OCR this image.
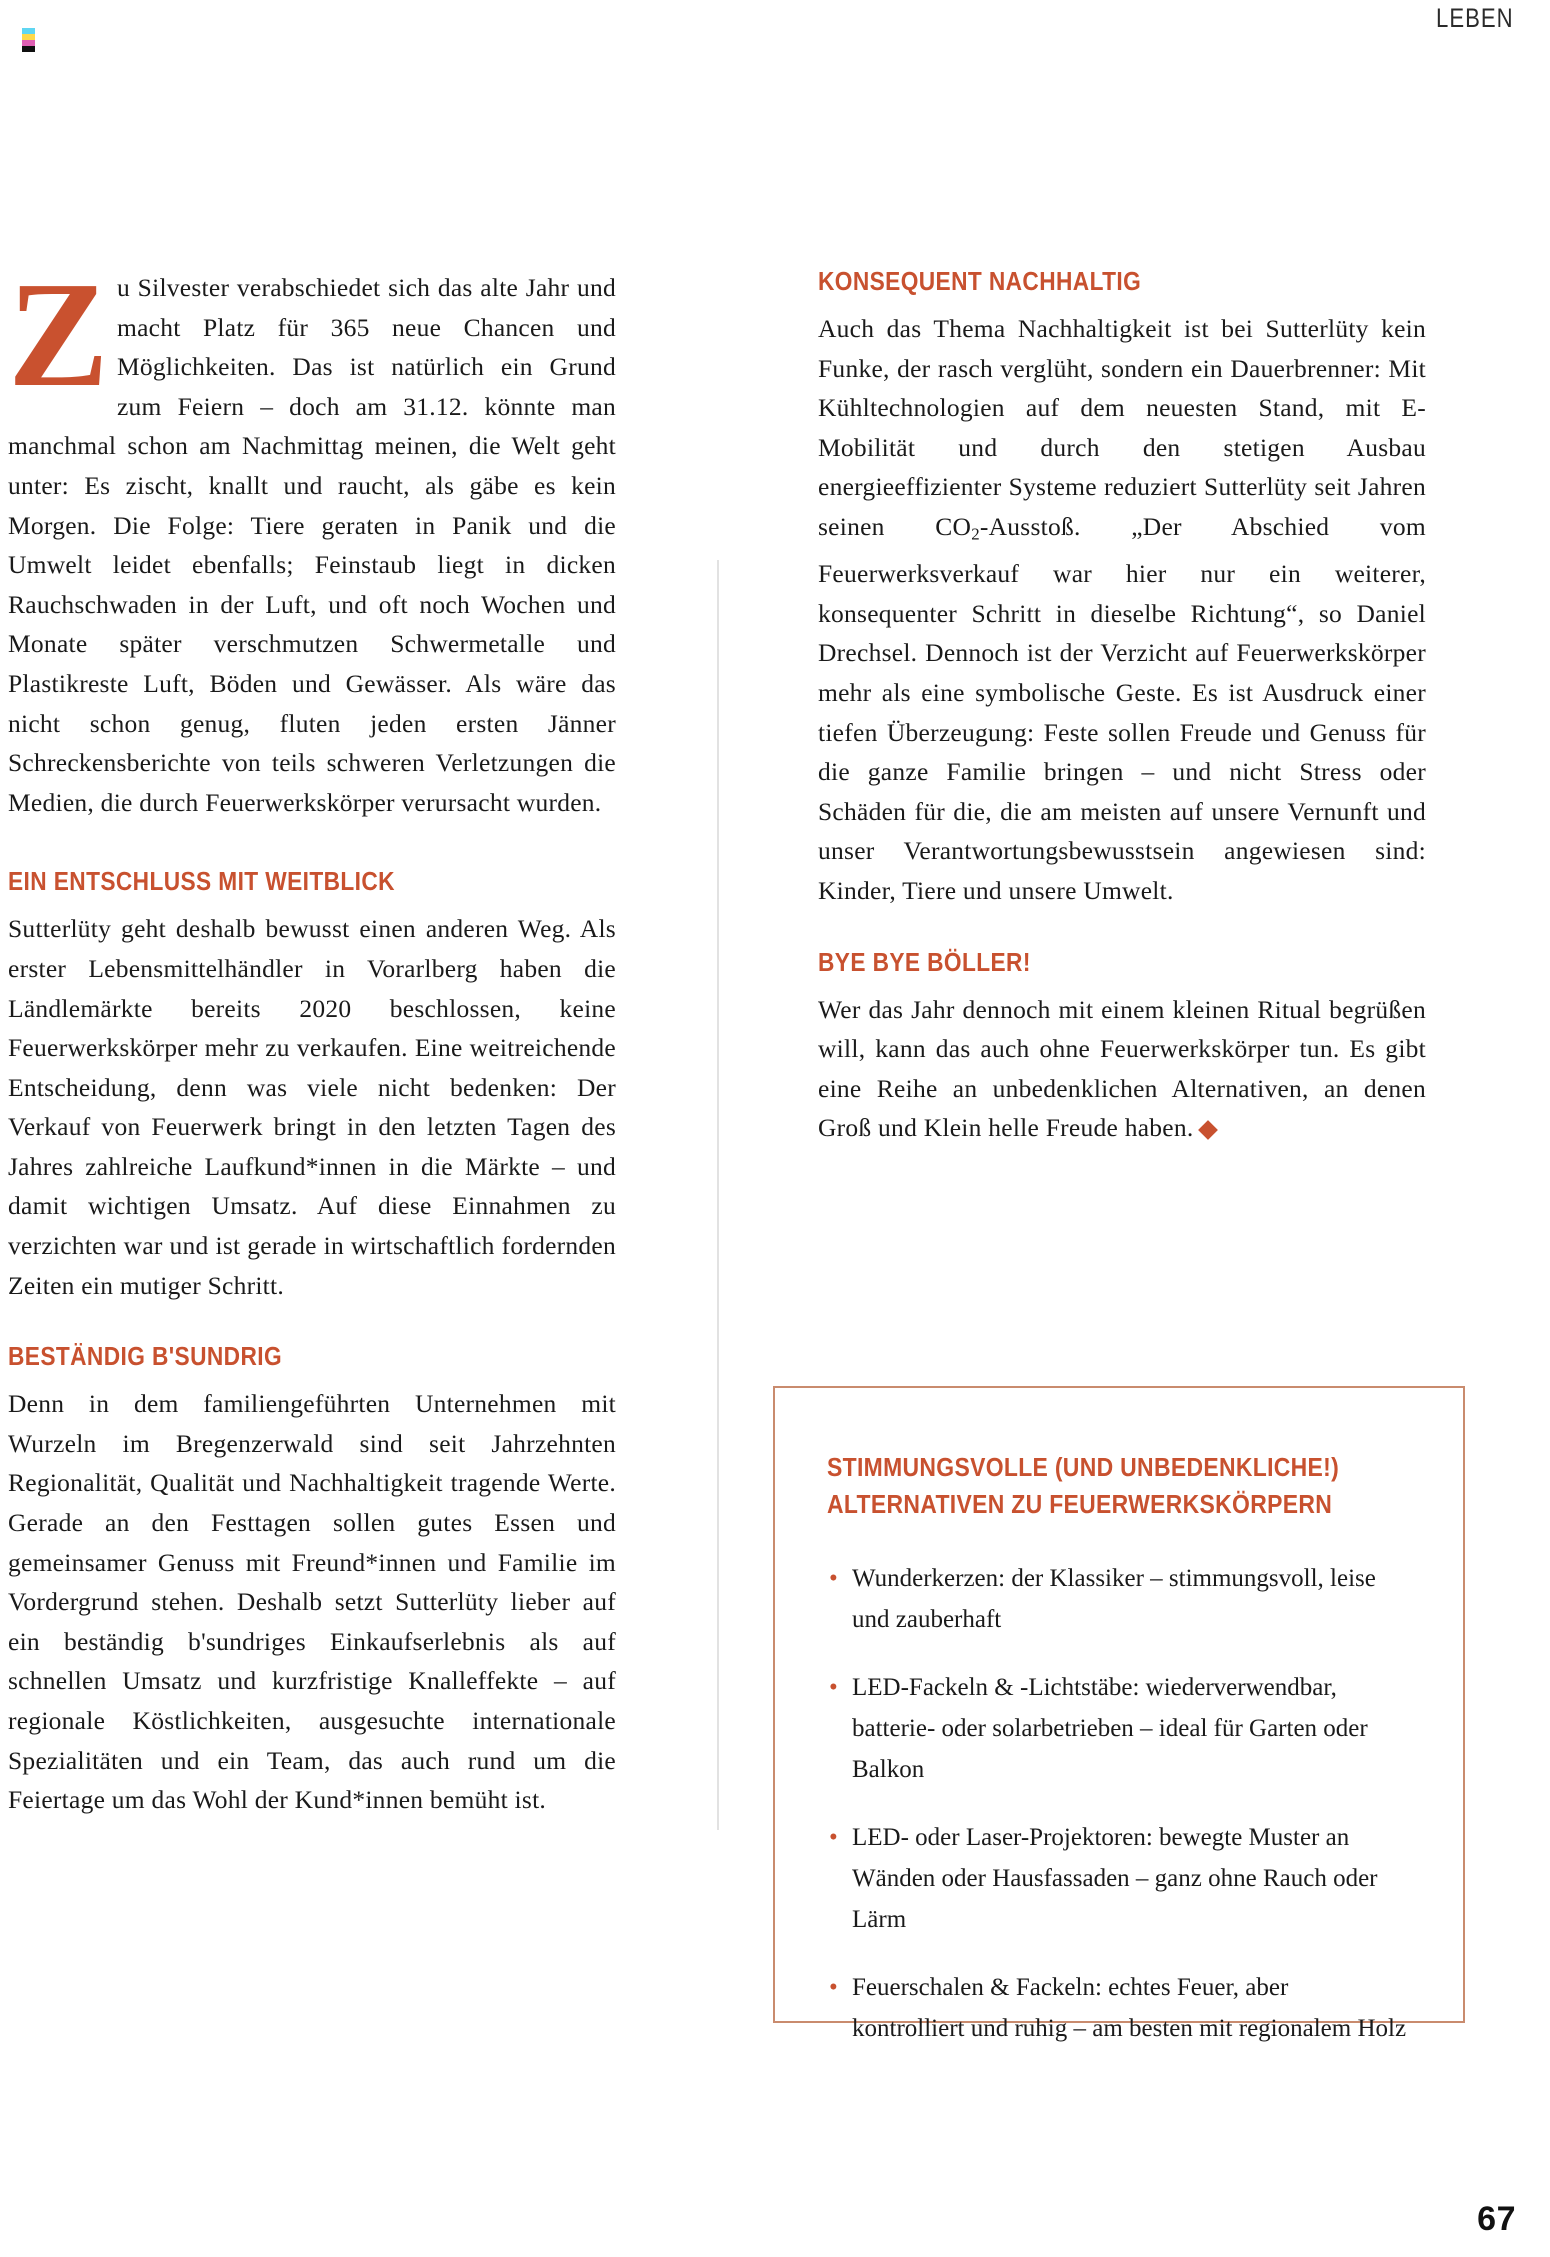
LEBEN

Zu Silvester verabschiedet sich das alte Jahr und macht Platz für 365 neue Chancen und Möglichkeiten. Das ist natürlich ein Grund zum Feiern – doch am 31.12. könnte man manchmal schon am Nachmittag meinen, die Welt geht unter: Es zischt, knallt und raucht, als gäbe es kein Morgen. Die Folge: Tiere geraten in Panik und die Umwelt leidet ebenfalls; Feinstaub liegt in dicken Rauchschwaden in der Luft, und oft noch Wochen und Monate später verschmutzen Schwermetalle und Plastikreste Luft, Böden und Gewässer. Als wäre das nicht schon genug, fluten jeden ersten Jänner Schreckensberichte von teils schweren Verletzungen die Medien, die durch Feuerwerkskörper verursacht wurden.

EIN ENTSCHLUSS MIT WEITBLICK

Sutterlüty geht deshalb bewusst einen anderen Weg. Als erster Lebensmittelhändler in Vorarlberg haben die Ländlemärkte bereits 2020 beschlossen, keine Feuerwerkskörper mehr zu verkaufen. Eine weitreichende Entscheidung, denn was viele nicht bedenken: Der Verkauf von Feuerwerk bringt in den letzten Tagen des Jahres zahlreiche Laufkund*innen in die Märkte – und damit wichtigen Umsatz. Auf diese Einnahmen zu verzichten war und ist gerade in wirtschaftlich fordernden Zeiten ein mutiger Schritt.

BESTÄNDIG B'SUNDRIG

Denn in dem familiengeführten Unternehmen mit Wurzeln im Bregenzerwald sind seit Jahrzehnten Regionalität, Qualität und Nachhaltigkeit tragende Werte. Gerade an den Festtagen sollen gutes Essen und gemeinsamer Genuss mit Freund*innen und Familie im Vordergrund stehen. Deshalb setzt Sutterlüty lieber auf ein beständig b'sundriges Einkaufserlebnis als auf schnellen Umsatz und kurzfristige Knalleffekte – auf regionale Köstlichkeiten, ausgesuchte internationale Spezialitäten und ein Team, das auch rund um die Feiertage um das Wohl der Kund*innen bemüht ist.

KONSEQUENT NACHHALTIG

Auch das Thema Nachhaltigkeit ist bei Sutterlüty kein Funke, der rasch verglüht, sondern ein Dauerbrenner: Mit Kühltechnologien auf dem neuesten Stand, mit E-Mobilität und durch den stetigen Ausbau energieeffizienter Systeme reduziert Sutterlüty seit Jahren seinen $CO_2$-Ausstoß. „Der Abschied vom Feuerwerksverkauf war hier nur ein weiterer, konsequenter Schritt in dieselbe Richtung“, so Daniel Drechsel. Dennoch ist der Verzicht auf Feuerwerkskörper mehr als eine symbolische Geste. Es ist Ausdruck einer tiefen Überzeugung: Feste sollen Freude und Genuss für die ganze Familie bringen – und nicht Stress oder Schäden für die, die am meisten auf unsere Vernunft und unser Verantwortungsbewusstsein angewiesen sind: Kinder, Tiere und unsere Umwelt.

BYE BYE BÖLLER!

Wer das Jahr dennoch mit einem kleinen Ritual begrüßen will, kann das auch ohne Feuerwerkskörper tun. Es gibt eine Reihe an unbedenklichen Alternativen, an denen Groß und Klein helle Freude haben.

STIMMUNGSVOLLE (UND UNBEDENKLICHE!)
ALTERNATIVEN ZU FEUERWERKSKÖRPERN
• Wunderkerzen: der Klassiker – stimmungsvoll, leise und zauberhaft
• LED-Fackeln & -Lichtstäbe: wiederverwendbar, batterie- oder solarbetrieben – ideal für Garten oder Balkon
• LED- oder Laser-Projektoren: bewegte Muster an Wänden oder Hausfassaden – ganz ohne Rauch oder Lärm
• Feuerschalen & Fackeln: echtes Feuer, aber kontrolliert und ruhig – am besten mit regionalem Holz
67
